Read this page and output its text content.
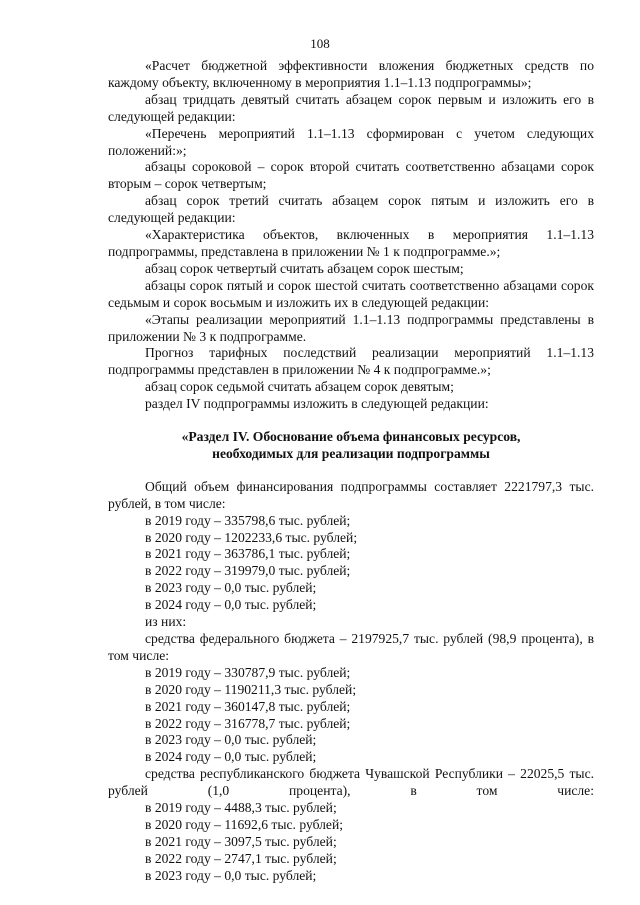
108

«Расчет бюджетной эффективности вложения бюджетных средств по каждому объекту, включенному в мероприятия 1.1–1.13 подпрограммы»;

абзац тридцать девятый считать абзацем сорок первым и изложить его в следующей редакции:

«Перечень мероприятий 1.1–1.13 сформирован с учетом следующих положений:»;

абзацы сороковой – сорок второй считать соответственно абзацами сорок вторым – сорок четвертым;

абзац сорок третий считать абзацем сорок пятым и изложить его в следующей редакции:

«Характеристика объектов, включенных в мероприятия 1.1–1.13 подпрограммы, представлена в приложении № 1 к подпрограмме.»;

абзац сорок четвертый считать абзацем сорок шестым;

абзацы сорок пятый и сорок шестой считать соответственно абзацами сорок седьмым и сорок восьмым и изложить их в следующей редакции:

«Этапы реализации мероприятий 1.1–1.13 подпрограммы представлены в приложении № 3 к подпрограмме.

Прогноз тарифных последствий реализации мероприятий 1.1–1.13 подпрограммы представлен в приложении № 4 к подпрограмме.»;

абзац сорок седьмой считать абзацем сорок девятым;

раздел IV подпрограммы изложить в следующей редакции:

«Раздел IV. Обоснование объема финансовых ресурсов,
необходимых для реализации подпрограммы

Общий объем финансирования подпрограммы составляет 2221797,3 тыс. рублей, в том числе:

в 2019 году – 335798,6 тыс. рублей;

в 2020 году – 1202233,6 тыс. рублей;

в 2021 году – 363786,1 тыс. рублей;

в 2022 году – 319979,0 тыс. рублей;

в 2023 году – 0,0 тыс. рублей;

в 2024 году – 0,0 тыс. рублей;

из них:

средства федерального бюджета – 2197925,7 тыс. рублей (98,9 процента), в том числе:

в 2019 году – 330787,9 тыс. рублей;

в 2020 году – 1190211,3 тыс. рублей;

в 2021 году – 360147,8 тыс. рублей;

в 2022 году – 316778,7 тыс. рублей;

в 2023 году – 0,0 тыс. рублей;

в 2024 году – 0,0 тыс. рублей;

средства республиканского бюджета Чувашской Республики – 22025,5 тыс. рублей (1,0 процента), в том числе:

в 2019 году – 4488,3 тыс. рублей;

в 2020 году – 11692,6 тыс. рублей;

в 2021 году – 3097,5 тыс. рублей;

в 2022 году – 2747,1 тыс. рублей;

в 2023 году – 0,0 тыс. рублей;
